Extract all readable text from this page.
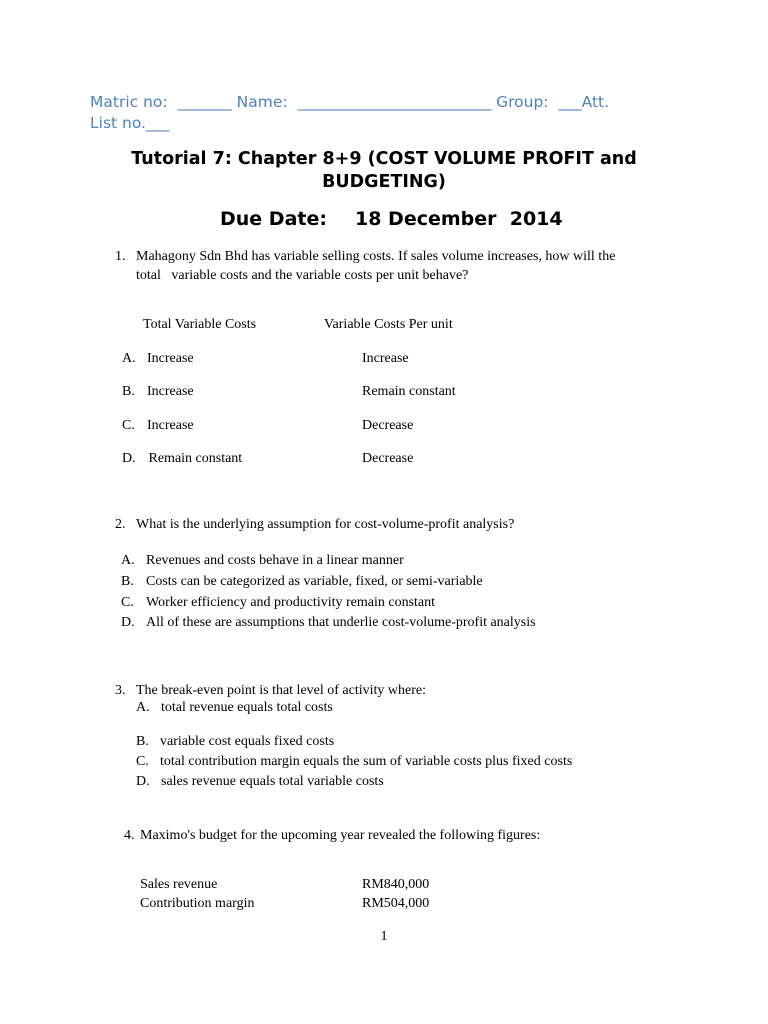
Matric no:  _______ Name:  _________________________ Group:  ___Att.
List no.___
Tutorial 7: Chapter 8+9 (COST VOLUME PROFIT and
BUDGETING)
Due Date: 18 December  2014
1. Mahagony Sdn Bhd has variable selling costs. If sales volume increases, how will the
total   variable costs and the variable costs per unit behave?
Total Variable Costs	Variable Costs Per unit
A. Increase	Increase
B. Increase	Remain constant
C. Increase	Decrease
D. Remain constant	Decrease
2. What is the underlying assumption for cost-volume-profit analysis?
A. Revenues and costs behave in a linear manner
B. Costs can be categorized as variable, fixed, or semi-variable
C. Worker efficiency and productivity remain constant
D. All of these are assumptions that underlie cost-volume-profit analysis
3. The break-even point is that level of activity where:
A. total revenue equals total costs
B. variable cost equals fixed costs
C. total contribution margin equals the sum of variable costs plus fixed costs
D. sales revenue equals total variable costs
4. Maximo's budget for the upcoming year revealed the following figures:
Sales revenue	RM840,000
Contribution margin	RM504,000
1
